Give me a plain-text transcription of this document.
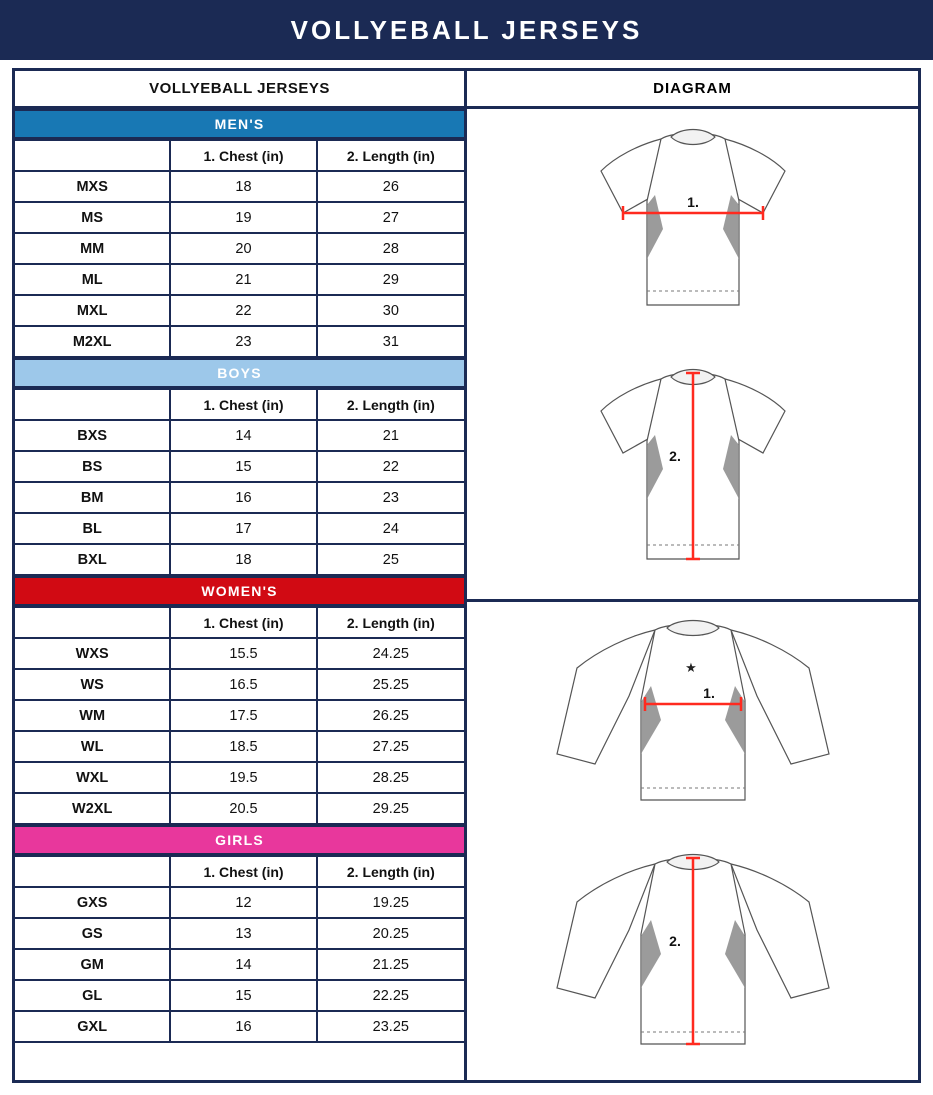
VOLLYEBALL JERSEYS
VOLLYEBALL JERSEYS
MEN'S
	1. Chest (in)	2. Length (in)
MXS	18	26
MS	19	27
MM	20	28
ML	21	29
MXL	22	30
M2XL	23	31
BOYS
	1. Chest (in)	2. Length (in)
BXS	14	21
BS	15	22
BM	16	23
BL	17	24
BXL	18	25
WOMEN'S
	1. Chest (in)	2. Length (in)
WXS	15.5	24.25
WS	16.5	25.25
WM	17.5	26.25
WL	18.5	27.25
WXL	19.5	28.25
W2XL	20.5	29.25
GIRLS
	1. Chest (in)	2. Length (in)
GXS	12	19.25
GS	13	20.25
GM	14	21.25
GL	15	22.25
GXL	16	23.25
DIAGRAM
1.
2.
★
1.
2.
